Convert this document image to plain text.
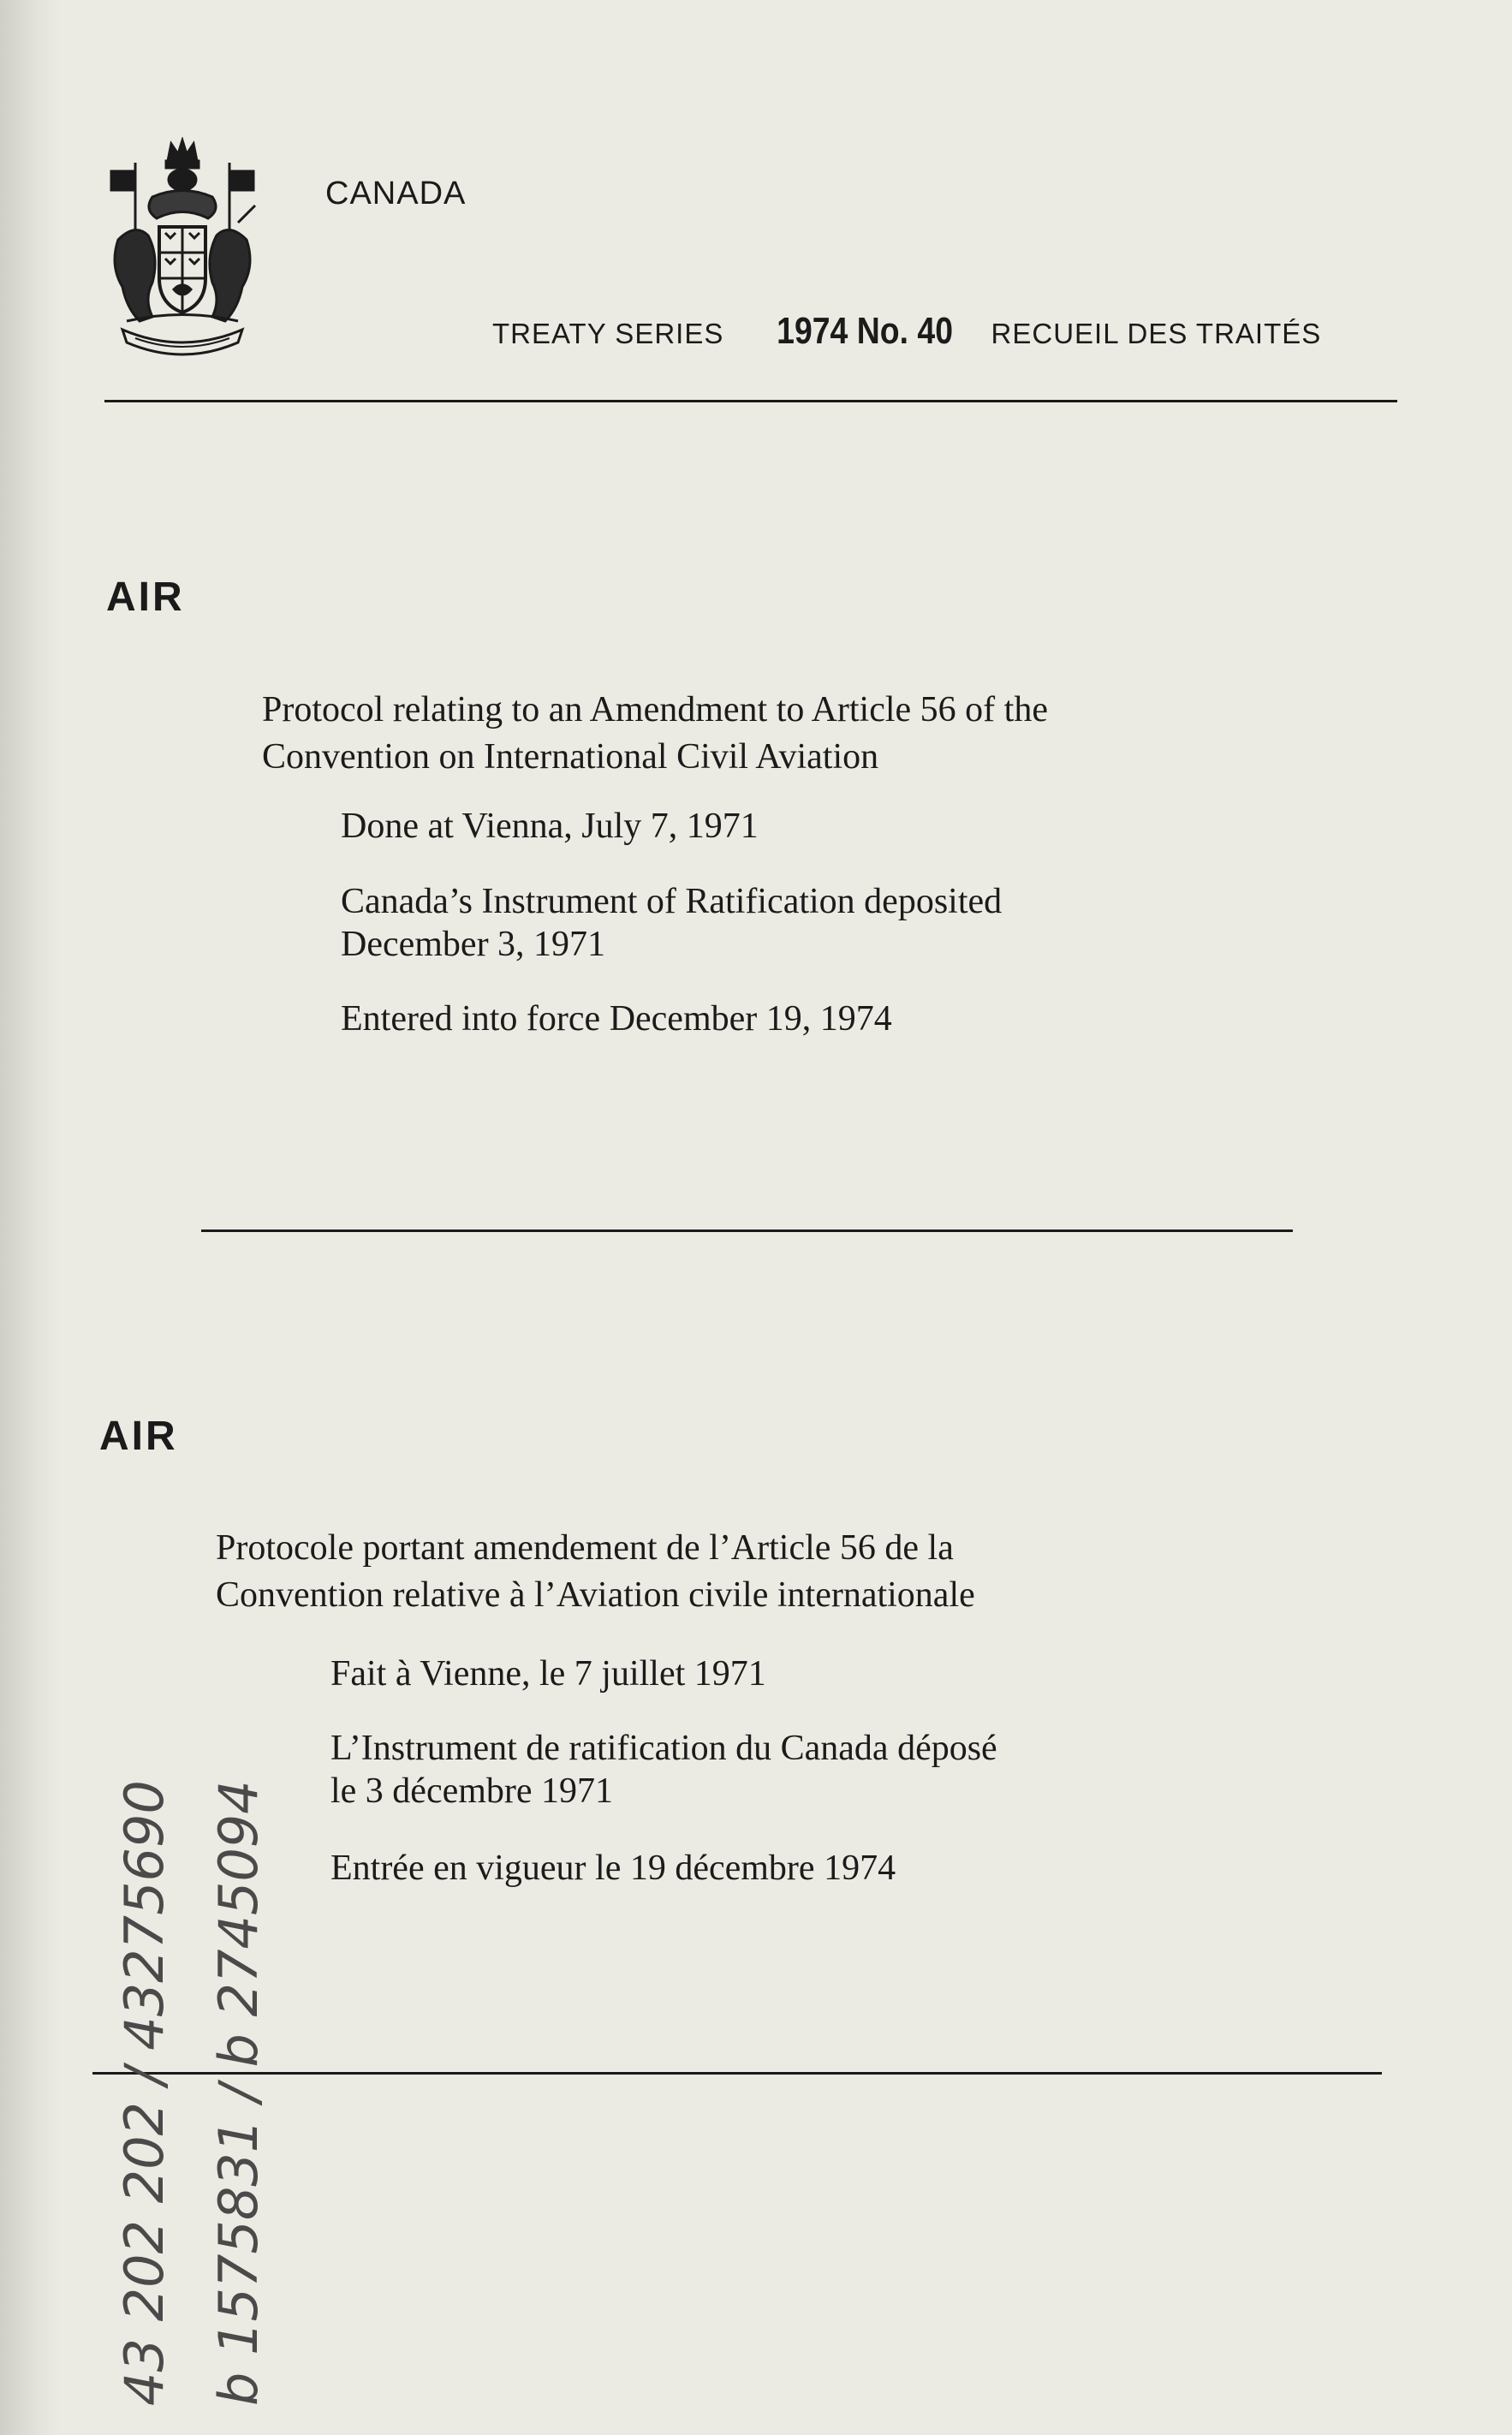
CANADA
TREATY SERIES 1974 No. 40 RECUEIL DES TRAITÉS
AIR
Protocol relating to an Amendment to Article 56 of the
Convention on International Civil Aviation
Done at Vienna, July 7, 1971
Canada’s Instrument of Ratification deposited
December 3, 1971
Entered into force December 19, 1974
AIR
Protocole portant amendement de l’Article 56 de la
Convention relative à l’Aviation civile internationale
Fait à Vienne, le 7 juillet 1971
L’Instrument de ratification du Canada déposé
le 3 décembre 1971
Entrée en vigueur le 19 décembre 1974
43 202 202 / 43275690 b 1575831 / b 2745094
